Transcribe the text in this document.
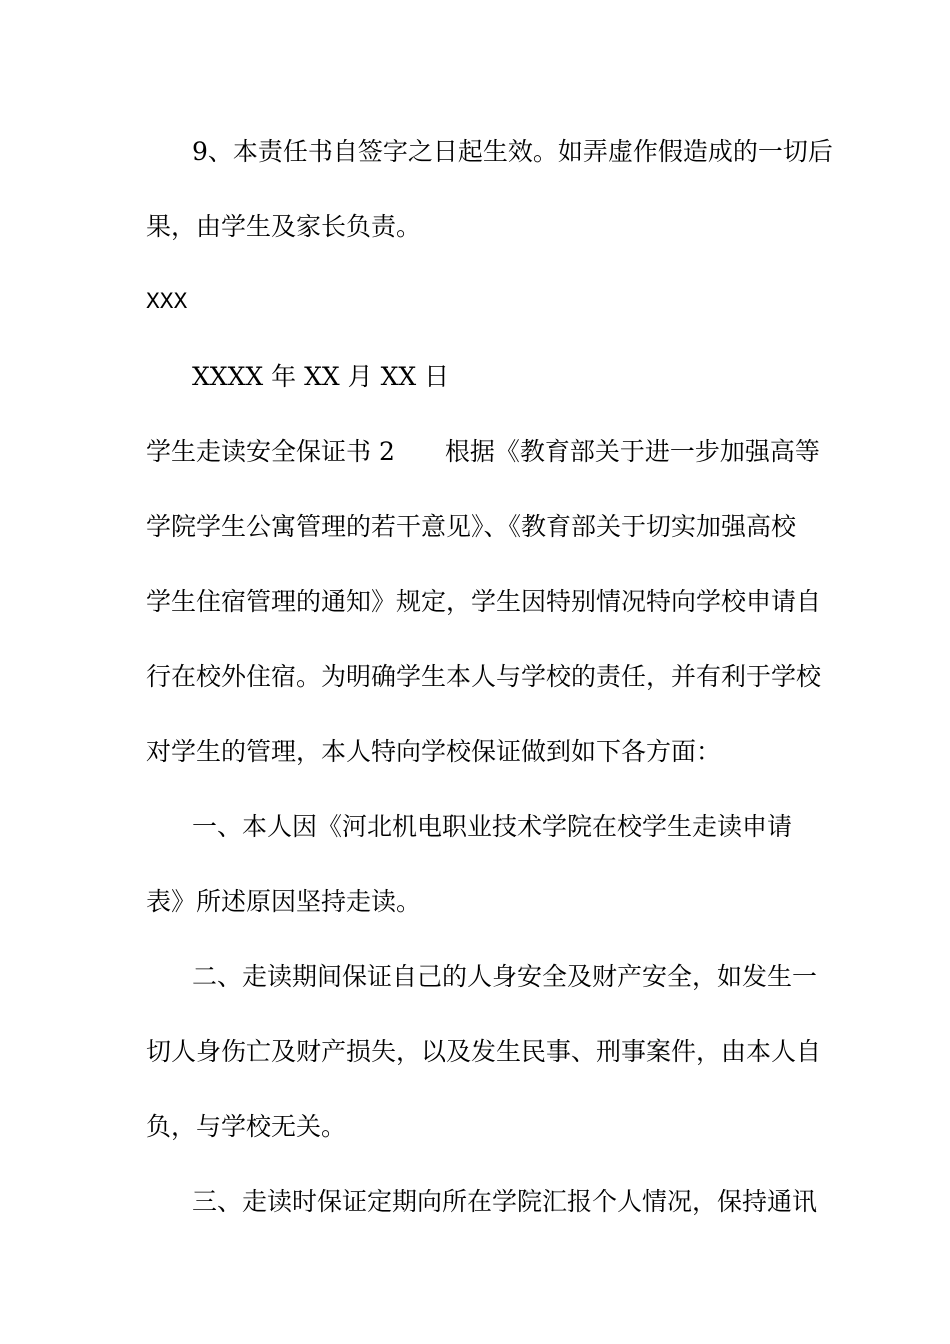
9、本责任书自签字之日起生效。如弄虚作假造成的一切后
果，由学生及家长负责。
XXX
XXXX 年 XX 月 XX 日
学生走读安全保证书 2　　根据《教育部关于进一步加强高等
学院学生公寓管理的若干意见》、《教育部关于切实加强高校
学生住宿管理的通知》规定，学生因特别情况特向学校申请自
行在校外住宿。为明确学生本人与学校的责任，并有利于学校
对学生的管理，本人特向学校保证做到如下各方面：
一、本人因《河北机电职业技术学院在校学生走读申请
表》所述原因坚持走读。
二、走读期间保证自己的人身安全及财产安全，如发生一
切人身伤亡及财产损失，以及发生民事、刑事案件，由本人自
负，与学校无关。
三、走读时保证定期向所在学院汇报个人情况，保持通讯
